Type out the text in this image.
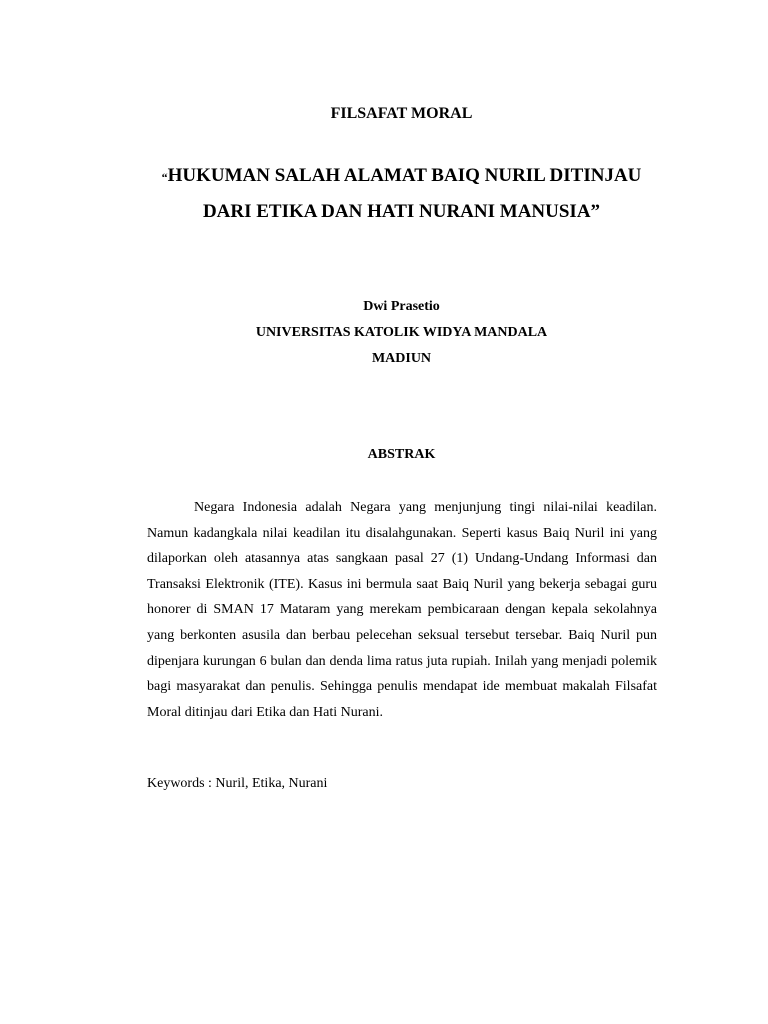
FILSAFAT MORAL
“HUKUMAN SALAH ALAMAT BAIQ NURIL DITINJAU DARI ETIKA DAN HATI NURANI MANUSIA”
Dwi Prasetio
UNIVERSITAS KATOLIK WIDYA MANDALA
MADIUN
ABSTRAK

Negara Indonesia adalah Negara yang menjunjung tingi nilai-nilai keadilan. Namun kadangkala nilai keadilan itu disalahgunakan. Seperti kasus Baiq Nuril ini yang dilaporkan oleh atasannya atas sangkaan pasal 27 (1) Undang-Undang Informasi dan Transaksi Elektronik (ITE). Kasus ini bermula saat Baiq Nuril yang bekerja sebagai guru honorer di SMAN 17 Mataram yang merekam pembicaraan dengan kepala sekolahnya yang berkonten asusila dan berbau pelecehan seksual tersebut tersebar. Baiq Nuril pun dipenjara kurungan 6 bulan dan denda lima ratus juta rupiah. Inilah yang menjadi polemik bagi masyarakat dan penulis. Sehingga penulis mendapat ide membuat makalah Filsafat Moral ditinjau dari Etika dan Hati Nurani.

Keywords : Nuril, Etika, Nurani
